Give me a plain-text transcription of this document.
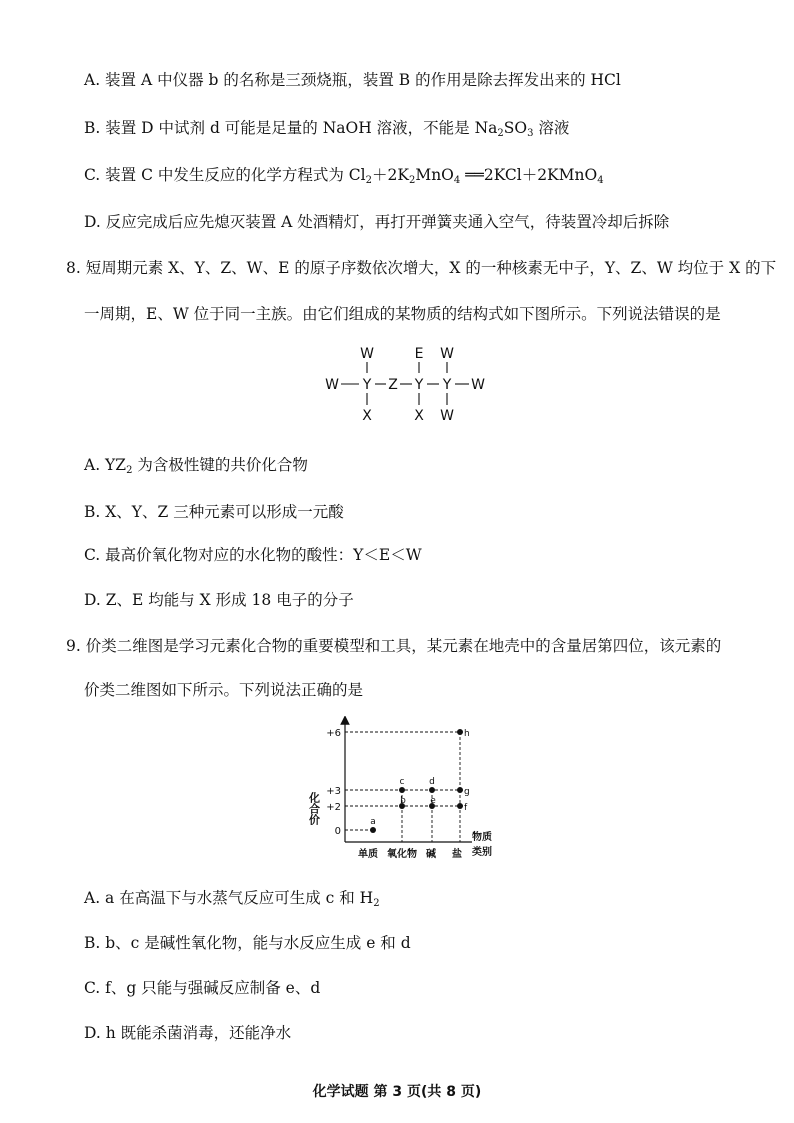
A. 装置 A 中仪器 b 的名称是三颈烧瓶，装置 B 的作用是除去挥发出来的 HCl
B. 装置 D 中试剂 d 可能是足量的 NaOH 溶液，不能是 $Na_2SO_3$ 溶液
C. 装置 C 中发生反应的化学方程式为 $Cl_2+2K_2MnO_4$ ══2KCl＋2KMnO$_4$
D. 反应完成后应先熄灭装置 A 处酒精灯，再打开弹簧夹通入空气，待装置冷却后拆除
8. 短周期元素 X、Y、Z、W、E 的原子序数依次增大，X 的一种核素无中子，Y、Z、W 均位于 X 的下
一周期，E、W 位于同一主族。由它们组成的某物质的结构式如下图所示。下列说法错误的是
W	E W
W Y Z Y Y W
X	X W
A. $YZ_2$ 为含极性键的共价化合物
B. X、Y、Z 三种元素可以形成一元酸
C. 最高价氧化物对应的水化物的酸性：Y＜E＜W
D. Z、E 均能与 X 形成 18 电子的分子
9. 价类二维图是学习元素化合物的重要模型和工具，某元素在地壳中的含量居第四位，该元素的
价类二维图如下所示。下列说法正确的是
化合价
+6
+3
+2
0
单质 氧化物 碱 盐
a
b
c	d
e
f
g
h
物质
类别
A. a 在高温下与水蒸气反应可生成 c 和 $H_2$
B. b、c 是碱性氧化物，能与水反应生成 e 和 d
C. f、g 只能与强碱反应制备 e、d
D. h 既能杀菌消毒，还能净水
化学试题 第 3 页(共 8 页)
